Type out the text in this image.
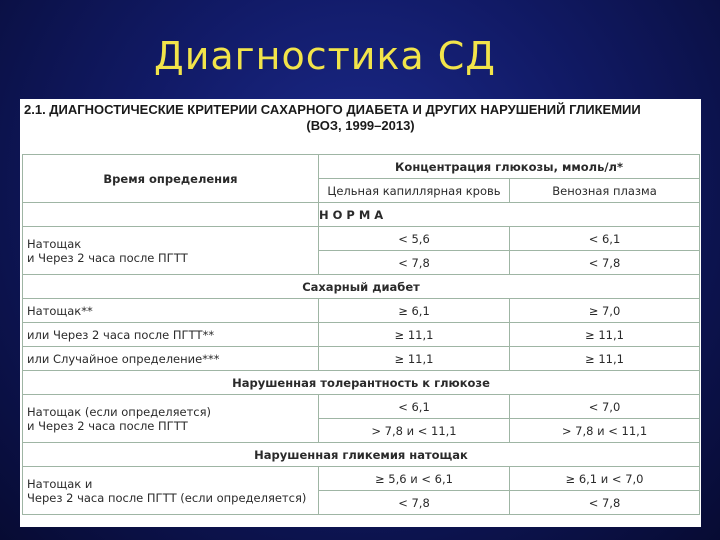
Диагностика СД
2.1. ДИАГНОСТИЧЕСКИЕ КРИТЕРИИ САХАРНОГО ДИАБЕТА И ДРУГИХ НАРУШЕНИЙ ГЛИКЕМИИ
(ВОЗ, 1999–2013)
Время определения	Концентрация глюкозы, ммоль/л*	
	Цельная капиллярная кровь	Венозная плазма
	НОРМА	

Натощак
и Через 2 часа после ПГТТ	< 5,6	< 6,1
	< 7,8	< 7,8
Сахарный диабет		
Натощак**	≥ 6,1	≥ 7,0
или Через 2 часа после ПГТТ**	≥ 11,1	≥ 11,1
или Случайное определение***	≥ 11,1	≥ 11,1
Нарушенная толерантность к глюкозе		

Натощак (если определяется)
и Через 2 часа после ПГТТ	< 6,1	< 7,0
	> 7,8 и < 11,1	> 7,8 и < 11,1
Нарушенная гликемия натощак		

Натощак и
Через 2 часа после ПГТТ (если определяется)	≥ 5,6 и < 6,1	≥ 6,1 и < 7,0
	< 7,8	< 7,8
